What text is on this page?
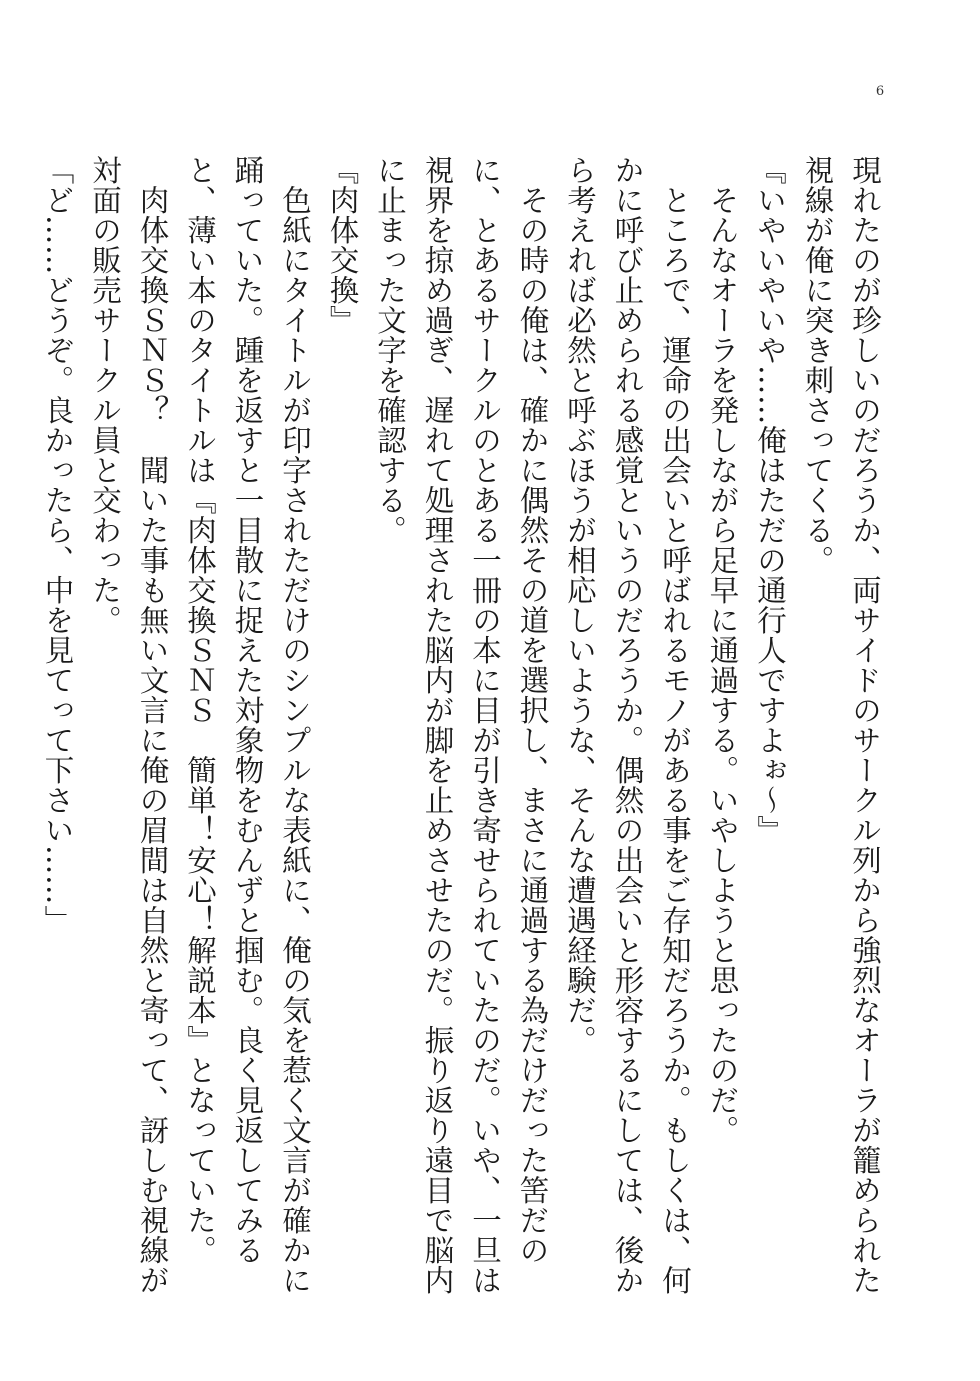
6

現れたのが珍しいのだろうか、両サイドのサークル列から強烈なオーラが籠められた視線が俺に突き刺さってくる。

『いやいやいや……俺はただの通行人ですよぉ～』

　そんなオーラを発しながら足早に通過する。いやしようと思ったのだ。

　ところで、運命の出会いと呼ばれるモノがある事をご存知だろうか。もしくは、何かに呼び止められる感覚というのだろうか。偶然の出会いと形容するにしては、後から考えれば必然と呼ぶほうが相応しいような、そんな遭遇経験だ。

　その時の俺は、確かに偶然その道を選択し、まさに通過する為だけだった筈だのに、とあるサークルのとある一冊の本に目が引き寄せられていたのだ。いや、一旦は視界を掠め過ぎ、遅れて処理された脳内が脚を止めさせたのだ。振り返り遠目で脳内に止まった文字を確認する。

『肉体交換』

　色紙にタイトルが印字されただけのシンプルな表紙に、俺の気を惹く文言が確かに踊っていた。踵を返すと一目散に捉えた対象物をむんずと掴む。良く見返してみると、薄い本のタイトルは『肉体交換ＳＮＳ　簡単！安心！解説本』となっていた。

　肉体交換ＳＮＳ？　聞いた事も無い文言に俺の眉間は自然と寄って、訝しむ視線が対面の販売サークル員と交わった。

「ど……どうぞ。良かったら、中を見てって下さい……」
